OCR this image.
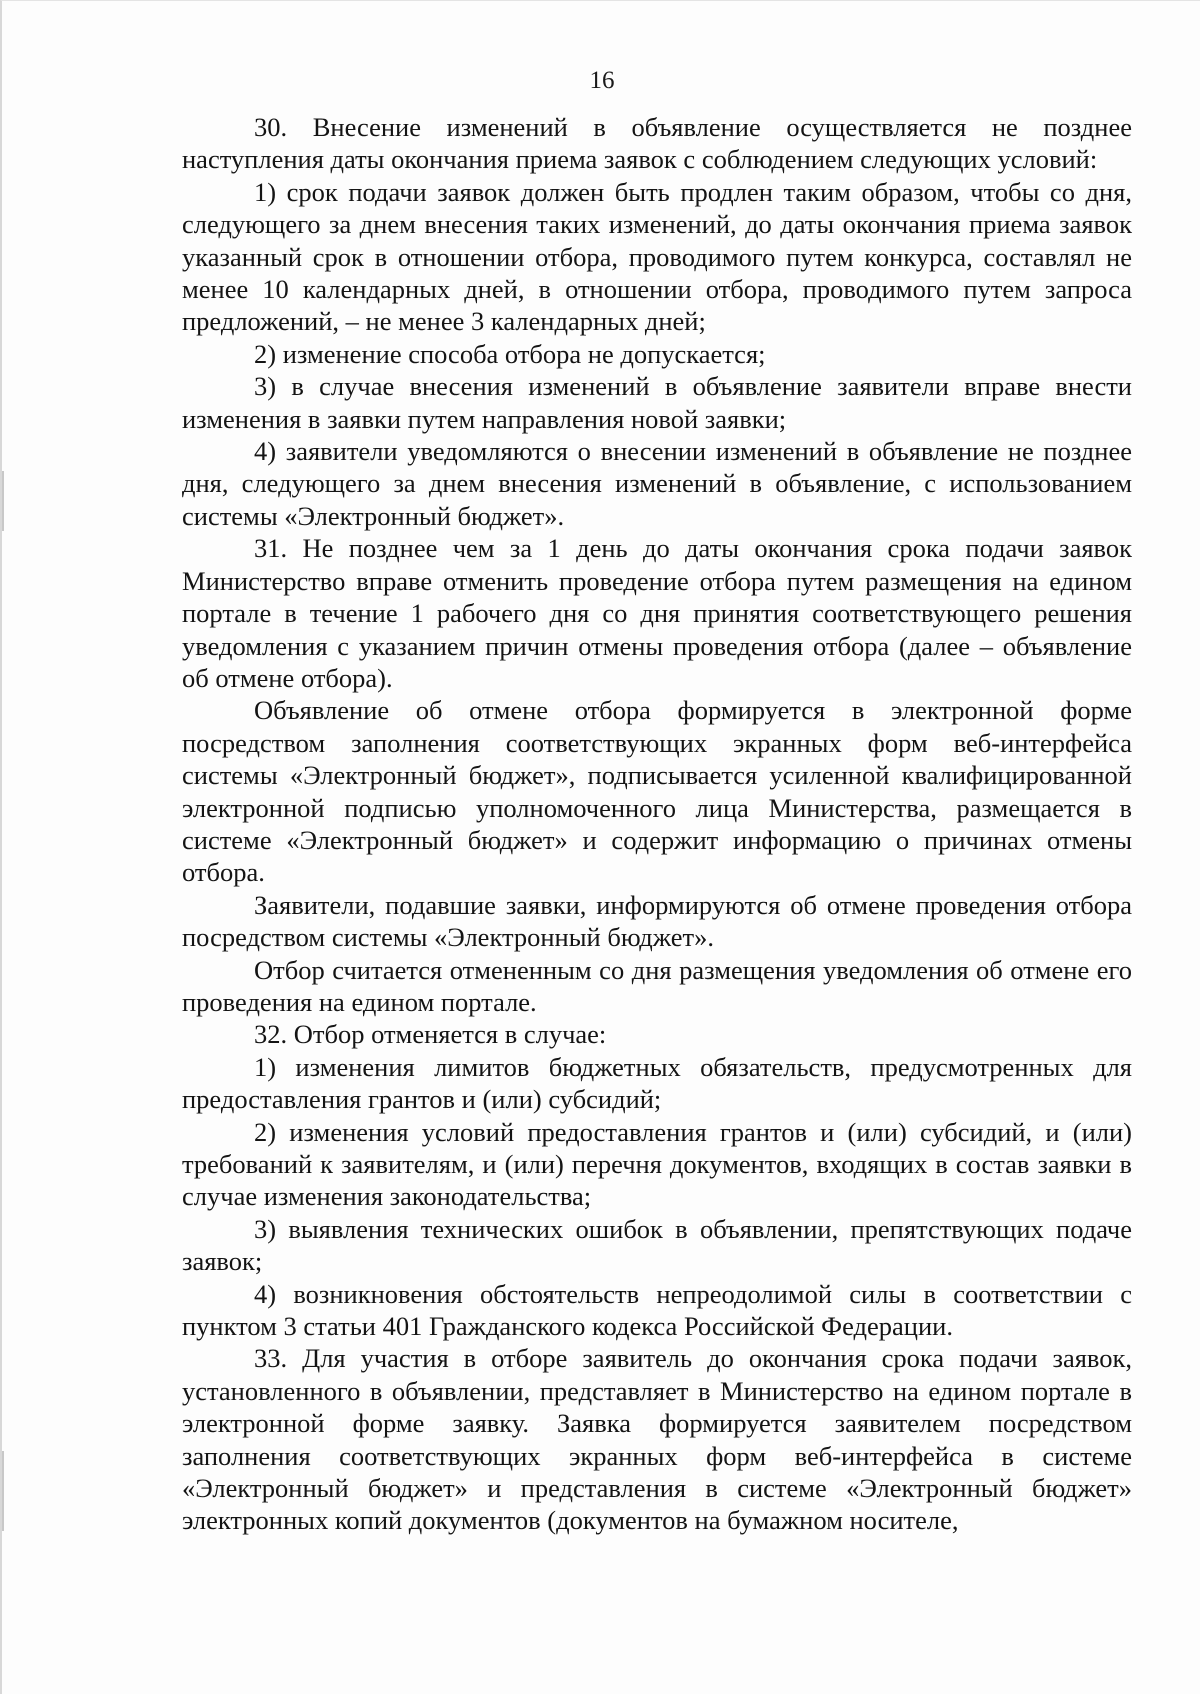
16

30. Внесение изменений в объявление осуществляется не позднее наступления даты окончания приема заявок с соблюдением следующих условий:

1) срок подачи заявок должен быть продлен таким образом, чтобы со дня, следующего за днем внесения таких изменений, до даты окончания приема заявок указанный срок в отношении отбора, проводимого путем конкурса, составлял не менее 10 календарных дней, в отношении отбора, проводимого путем запроса предложений, – не менее 3 календарных дней;

2) изменение способа отбора не допускается;

3) в случае внесения изменений в объявление заявители вправе внести изменения в заявки путем направления новой заявки;

4) заявители уведомляются о внесении изменений в объявление не позднее дня, следующего за днем внесения изменений в объявление, с использованием системы «Электронный бюджет».

31. Не позднее чем за 1 день до даты окончания срока подачи заявок Министерство вправе отменить проведение отбора путем размещения на едином портале в течение 1 рабочего дня со дня принятия соответствующего решения уведомления с указанием причин отмены проведения отбора (далее – объявление об отмене отбора).

Объявление об отмене отбора формируется в электронной форме посредством заполнения соответствующих экранных форм веб-интерфейса системы «Электронный бюджет», подписывается усиленной квалифицированной электронной подписью уполномоченного лица Министерства, размещается в системе «Электронный бюджет» и содержит информацию о причинах отмены отбора.

Заявители, подавшие заявки, информируются об отмене проведения отбора посредством системы «Электронный бюджет».

Отбор считается отмененным со дня размещения уведомления об отмене его проведения на едином портале.

32. Отбор отменяется в случае:

1) изменения лимитов бюджетных обязательств, предусмотренных для предоставления грантов и (или) субсидий;

2) изменения условий предоставления грантов и (или) субсидий, и (или) требований к заявителям, и (или) перечня документов, входящих в состав заявки в случае изменения законодательства;

3) выявления технических ошибок в объявлении, препятствующих подаче заявок;

4) возникновения обстоятельств непреодолимой силы в соответствии с пунктом 3 статьи 401 Гражданского кодекса Российской Федерации.

33. Для участия в отборе заявитель до окончания срока подачи заявок, установленного в объявлении, представляет в Министерство на едином портале в электронной форме заявку. Заявка формируется заявителем посредством заполнения соответствующих экранных форм веб-интерфейса в системе «Электронный бюджет» и представления в системе «Электронный бюджет» электронных копий документов (документов на бумажном носителе,
